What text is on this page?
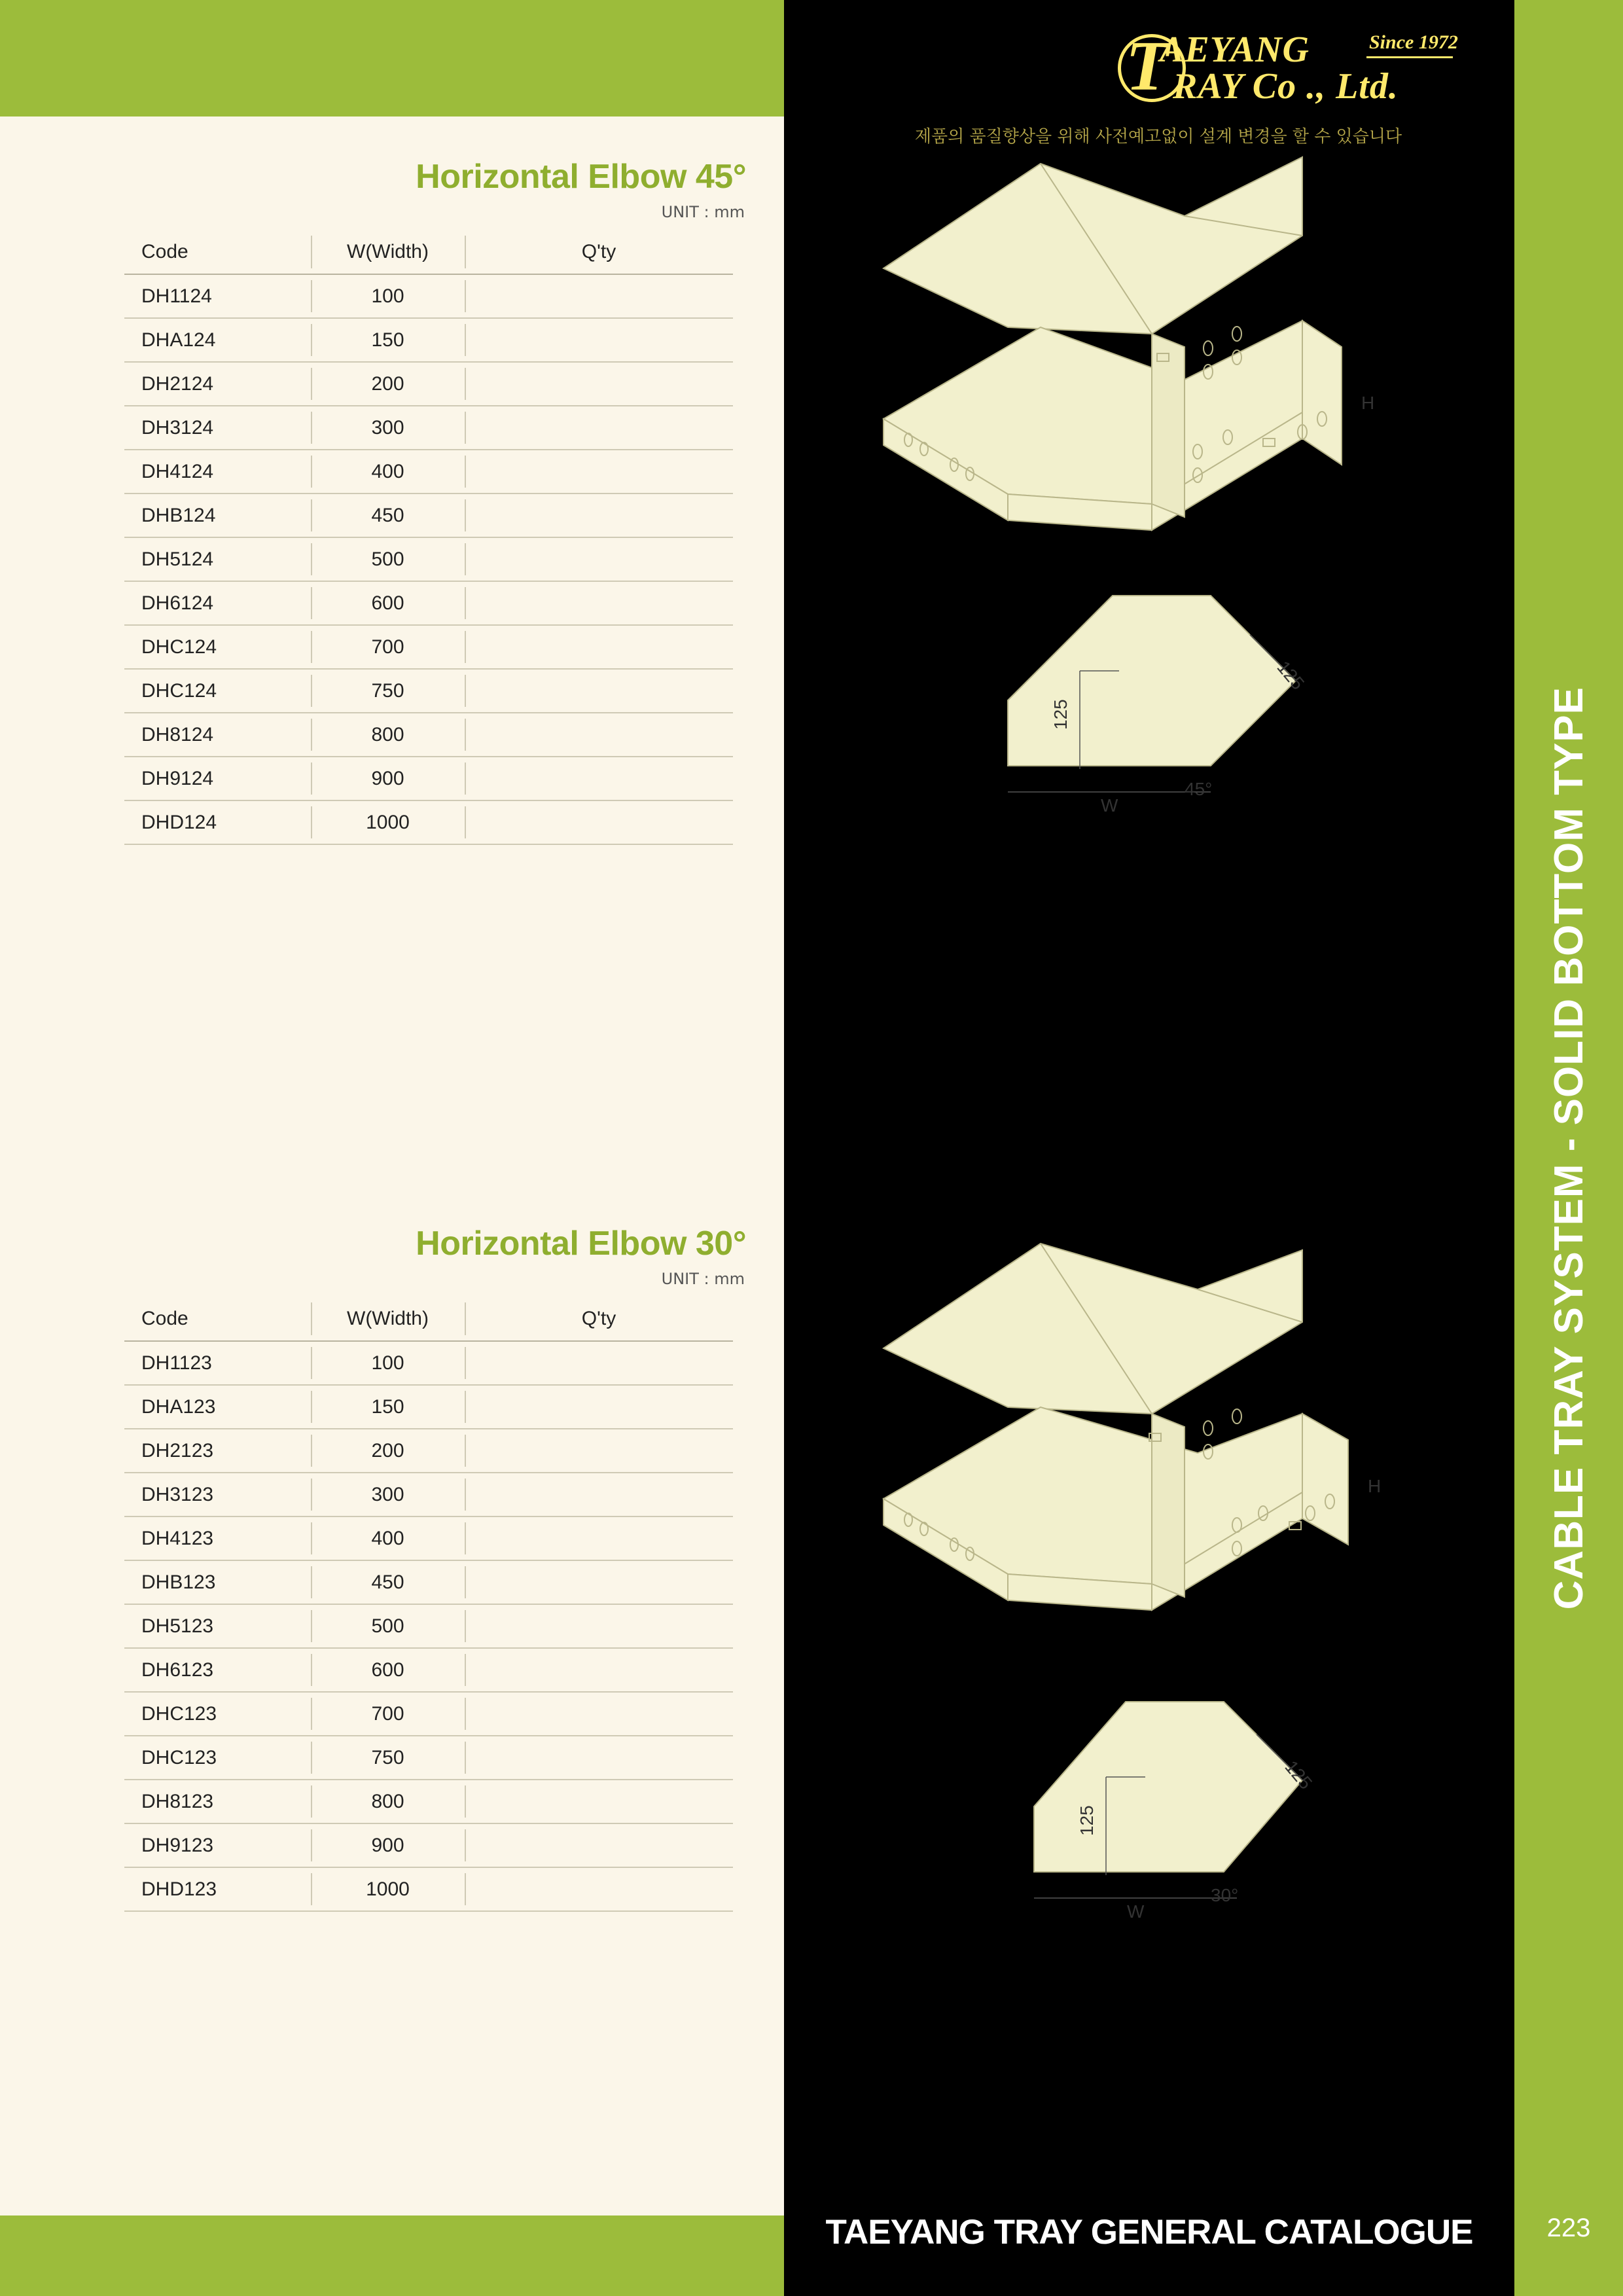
CABLE TRAY SYSTEM - SOLID BOTTOM TYPE
T
AEYANG
RAY Co ., Ltd.
Since 1972
제품의 품질향상을 위해 사전예고없이 설계 변경을 할 수 있습니다
Horizontal Elbow 45°
UNIT : mm
Code	W(Width)	Q'ty
DH1124	100	
DHA124	150	
DH2124	200	
DH3124	300	
DH4124	400	
DHB124	450	
DH5124	500	
DH6124	600	
DHC124	700	
DHC124	750	
DH8124	800	
DH9124	900	
DHD124	1000	
Horizontal Elbow 30°
UNIT : mm
Code	W(Width)	Q'ty
DH1123	100	
DHA123	150	
DH2123	200	
DH3123	300	
DH4123	400	
DHB123	450	
DH5123	500	
DH6123	600	
DHC123	700	
DHC123	750	
DH8123	800	
DH9123	900	
DHD123	1000	
125
125
W
H
45°
125
125
W
H
30°
TAEYANG TRAY GENERAL CATALOGUE	223
